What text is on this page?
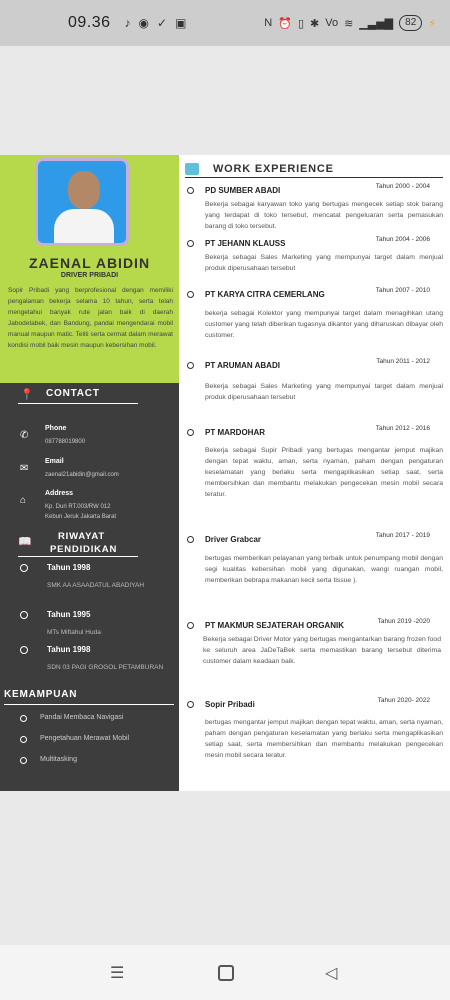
09.36 ♪ ◉ ✓ ▣	N ⏰ ▯ ✱ Vo ≋ ▁▃▅▇	82	⚡
ZAENAL ABIDIN
DRIVER PRIBADI
Sopir Pribadi yang berprofesional dengan memiliki pengalaman bekerja selama 10 tahun, serta telah mengetahui banyak rute jalan baik di daerah Jabodetabek, dan Bandung, pandai mengendarai mobil manual maupun matic. Teliti serta cermat dalam merawat kondisi mobil baik mesin maupun kebersihan mobil.
📍 CONTACT
✆
Phone
087788019800
✉
Email
zaenal21abidin@gmail.com
⌂
Address
Kp. Duri RT.003/RW 012
Kebun Jeruk Jakarta Barat
📖	RIWAYAT
PENDIDIKAN
Tahun 1998
SMK AA ASAADATUL ABADIYAH
Tahun 1995
MTs Miftahul Huda
Tahun 1998
SDN 03 PAGI GROGOL PETAMBURAN
KEMAMPUAN
Pandai Membaca Navigasi
Pengetahuan Merawat Mobil
Multitasking
WORK EXPERIENCE
PD SUMBER ABADI	Tahun 2000 - 2004
Bekerja sebagai karyawan toko yang bertugas mengecek setiap stok barang yang terdapat di toko tersebut, mencatat pengeluaran serta pemasukan barang di toko tersebut.
PT JEHANN KLAUSS	Tahun 2004 - 2006
Bekerja sebagai Sales Marketing yang mempunyai target dalam menjual produk diperusahaan tersebut
PT KARYA CITRA CEMERLANG	Tahun 2007 - 2010
bekerja sebagai Kolektor yang mempunyai target dalam menagihkan utang customer yang telah diberikan tugasnya dikantor yang diharuskan dibayar oleh customer.
PT ARUMAN ABADI	Tahun 2011 - 2012
Bekerja sebagai Sales Marketing yang mempunyai target dalam menjual produk diperusahaan tersebut
PT MARDOHAR	Tahun 2012 - 2016
Bekerja sebagai Supir Pribadi yang bertugas mengantar jemput majikan dengan tepat waktu, aman, serta nyaman, paham dengan pengaturan keselamatan yang berlaku serta mengaplikasikan setiap saat, serta membersihkan dan membantu melakukan pengecekan mesin mobil secara teratur.
Driver Grabcar	Tahun 2017 - 2019
bertugas memberikan pelayanan yang terbaik untuk penumpang mobil dengan segi kualitas kebersihan mobil yang digunakan, wangi ruangan mobil, memberikan bebrapa makanan kecil serta tissue ).
PT MAKMUR SEJATERAH ORGANIK	Tahun 2019 -2020
Bekerja sebagai Driver Motor yang bertugas mengantarkan barang frozen food ke seluruh area JaDeTaBek serta memastikan barang tersebut diterima customer dalam keadaan baik.
Sopir Pribadi	Tahun 2020- 2022
bertugas mengantar jemput majikan dengan tepat waktu, aman, serta nyaman, paham dengan pengaturan keselamatan yang berlaku serta mengaplikasikan setiap saat, serta membersihkan dan membantu melakukan pengecekan mesin mobil secara teratur.
☰	◁
